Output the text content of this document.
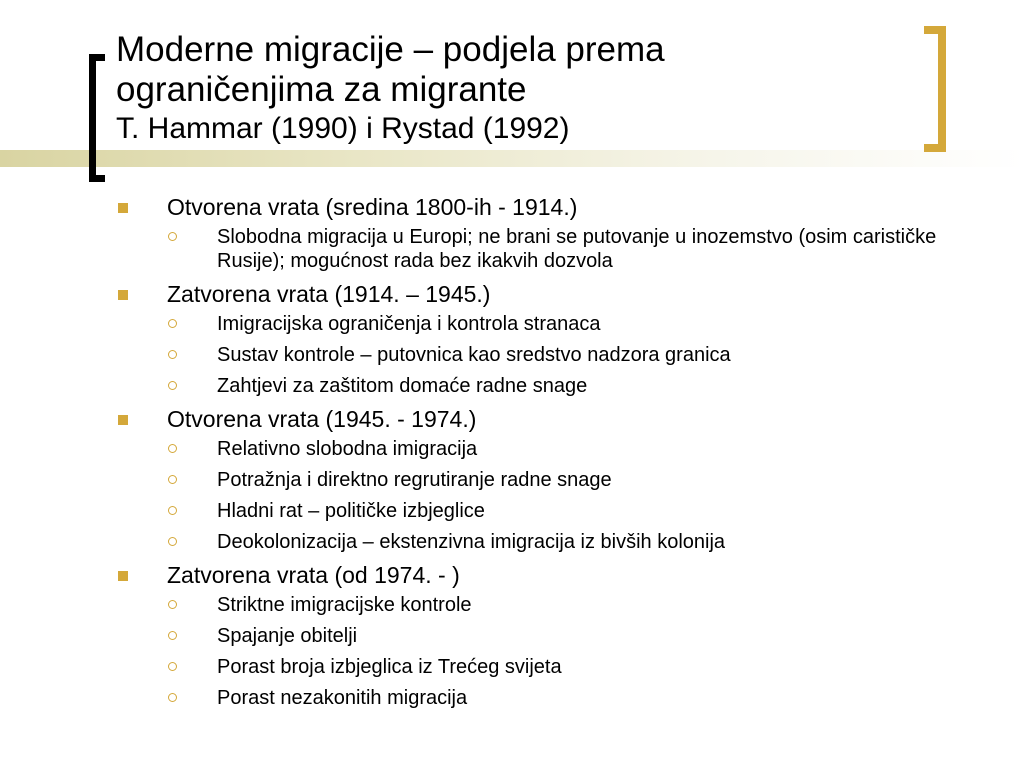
Moderne migracije – podjela prema
ograničenjima za migrante
T. Hammar (1990) i Rystad (1992)
Otvorena vrata (sredina 1800-ih - 1914.)
Slobodna migracija u Europi; ne brani se putovanje u inozemstvo (osim carističke Rusije); mogućnost rada bez ikakvih dozvola
Zatvorena vrata (1914. – 1945.)
Imigracijska ograničenja i kontrola stranaca
Sustav kontrole – putovnica kao sredstvo nadzora granica
Zahtjevi za zaštitom domaće radne snage
Otvorena vrata (1945. - 1974.)
Relativno slobodna imigracija
Potražnja i direktno regrutiranje radne snage
Hladni rat – političke izbjeglice
Deokolonizacija – ekstenzivna imigracija iz bivših kolonija
Zatvorena vrata (od 1974. - )
Striktne imigracijske kontrole
Spajanje obitelji
Porast broja izbjeglica iz Trećeg svijeta
Porast nezakonitih migracija
